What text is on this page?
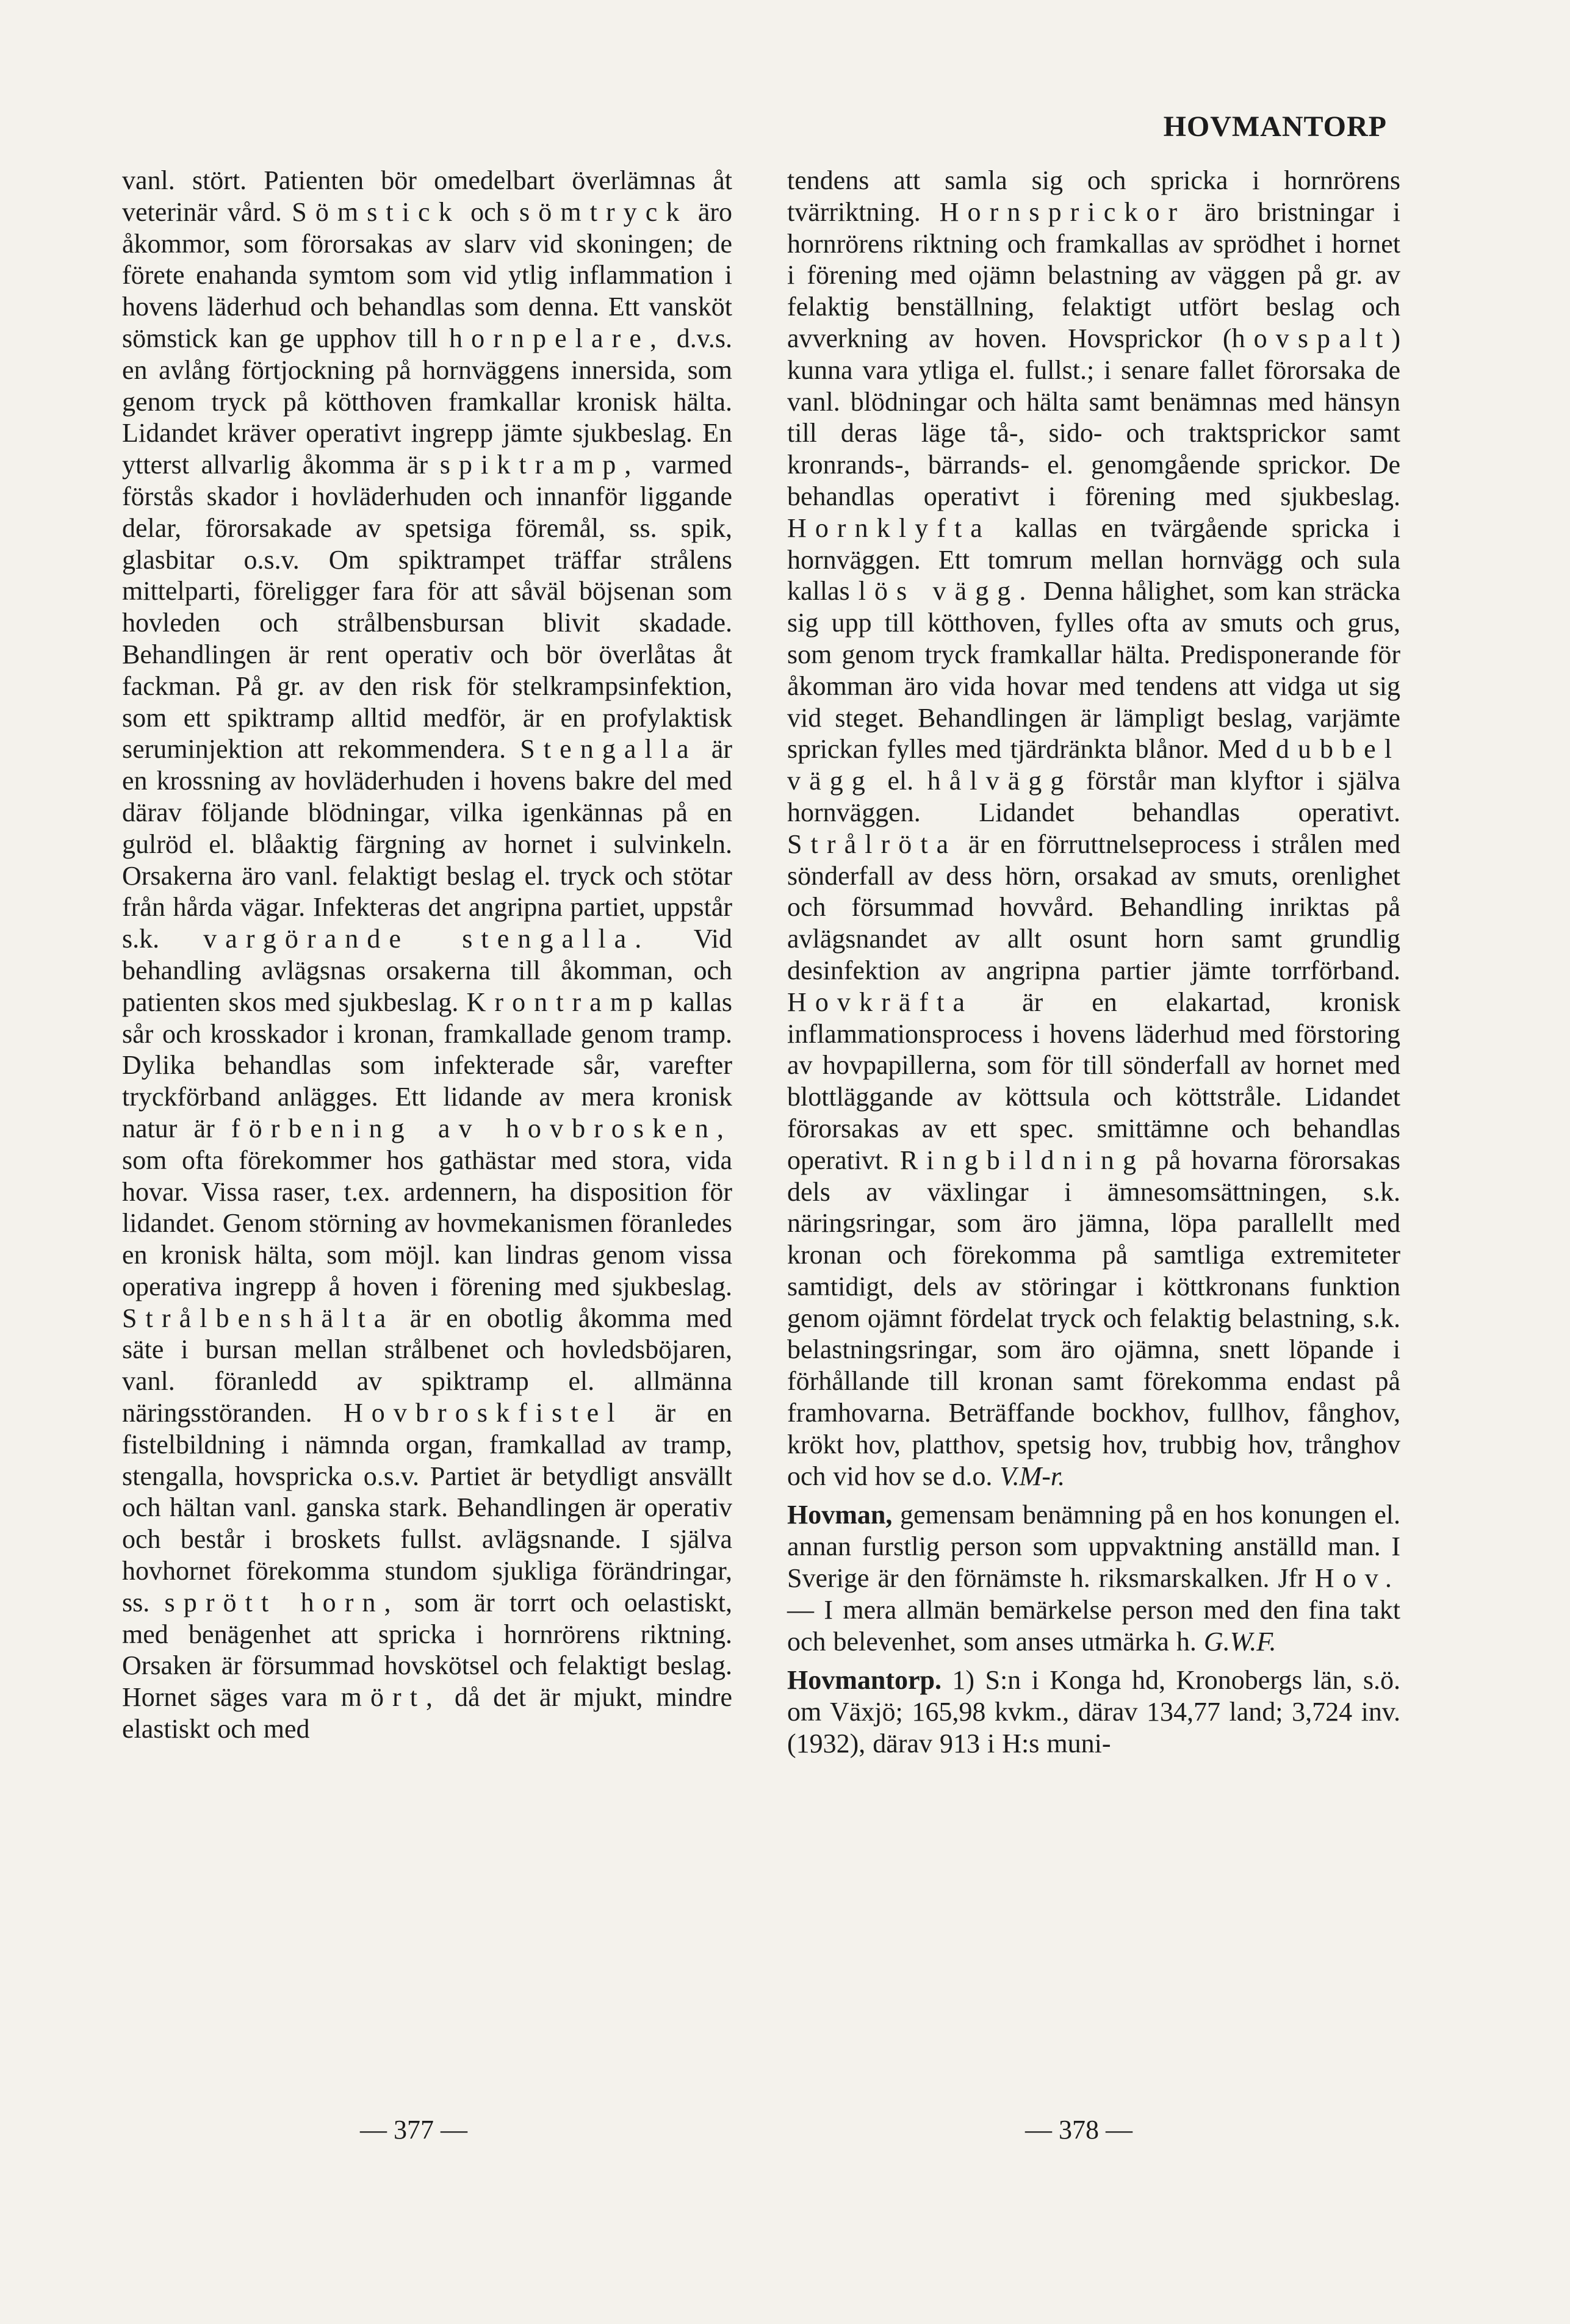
HOVMANTORP

vanl. stört. Patienten bör omedelbart överlämnas åt veterinär vård. Sömstick och sömtryck äro åkommor, som förorsakas av slarv vid skoningen; de förete enahanda symtom som vid ytlig inflammation i hovens läderhud och behandlas som denna. Ett vansköt sömstick kan ge upphov till hornpelare, d.v.s. en avlång förtjockning på hornväggens innersida, som genom tryck på kötthoven framkallar kronisk hälta. Lidandet kräver operativt ingrepp jämte sjukbeslag. En ytterst allvarlig åkomma är spiktramp, varmed förstås skador i hovläderhuden och innanför liggande delar, förorsakade av spetsiga föremål, ss. spik, glasbitar o.s.v. Om spiktrampet träffar strålens mittelparti, föreligger fara för att såväl böjsenan som hovleden och strålbensbursan blivit skadade. Behandlingen är rent operativ och bör överlåtas åt fackman. På gr. av den risk för stelkrampsinfektion, som ett spiktramp alltid medför, är en profylaktisk seruminjektion att rekommendera. Stengalla är en krossning av hovläderhuden i hovens bakre del med därav följande blödningar, vilka igenkännas på en gulröd el. blåaktig färgning av hornet i sulvinkeln. Orsakerna äro vanl. felaktigt beslag el. tryck och stötar från hårda vägar. Infekteras det angripna partiet, uppstår s.k. vargörande stengalla. Vid behandling avlägsnas orsakerna till åkomman, och patienten skos med sjukbeslag. Krontramp kallas sår och krosskador i kronan, framkallade genom tramp. Dylika behandlas som infekterade sår, varefter tryckförband anlägges. Ett lidande av mera kronisk natur är förbening av hovbrosken, som ofta förekommer hos gathästar med stora, vida hovar. Vissa raser, t.ex. ardennern, ha disposition för lidandet. Genom störning av hovmekanismen föranledes en kronisk hälta, som möjl. kan lindras genom vissa operativa ingrepp å hoven i förening med sjukbeslag. Strålbenshälta är en obotlig åkomma med säte i bursan mellan strålbenet och hovledsböjaren, vanl. föranledd av spiktramp el. allmänna näringsstöranden. Hovbroskfistel är en fistelbildning i nämnda organ, framkallad av tramp, stengalla, hovspricka o.s.v. Partiet är betydligt ansvällt och hältan vanl. ganska stark. Behandlingen är operativ och består i broskets fullst. avlägsnande. I själva hovhornet förekomma stundom sjukliga förändringar, ss. sprött horn, som är torrt och oelastiskt, med benägenhet att spricka i hornrörens riktning. Orsaken är försummad hovskötsel och felaktigt beslag. Hornet säges vara mört, då det är mjukt, mindre elastiskt och med

tendens att samla sig och spricka i hornrörens tvärriktning. Hornsprickor äro bristningar i hornrörens riktning och framkallas av sprödhet i hornet i förening med ojämn belastning av väggen på gr. av felaktig benställning, felaktigt utfört beslag och avverkning av hoven. Hovsprickor (hovspalt) kunna vara ytliga el. fullst.; i senare fallet förorsaka de vanl. blödningar och hälta samt benämnas med hänsyn till deras läge tå-, sido- och traktsprickor samt kronrands-, bärrands- el. genomgående sprickor. De behandlas operativt i förening med sjukbeslag. Hornklyfta kallas en tvärgående spricka i hornväggen. Ett tomrum mellan hornvägg och sula kallas lös vägg. Denna hålighet, som kan sträcka sig upp till kötthoven, fylles ofta av smuts och grus, som genom tryck framkallar hälta. Predisponerande för åkomman äro vida hovar med tendens att vidga ut sig vid steget. Behandlingen är lämpligt beslag, varjämte sprickan fylles med tjärdränkta blånor. Med dubbel vägg el. hålvägg förstår man klyftor i själva hornväggen. Lidandet behandlas operativt. Strålröta är en förruttnelseprocess i strålen med sönderfall av dess hörn, orsakad av smuts, orenlighet och försummad hovvård. Behandling inriktas på avlägsnandet av allt osunt horn samt grundlig desinfektion av angripna partier jämte torrförband. Hovkräfta är en elakartad, kronisk inflammationsprocess i hovens läderhud med förstoring av hovpapillerna, som för till sönderfall av hornet med blottläggande av köttsula och köttstråle. Lidandet förorsakas av ett spec. smittämne och behandlas operativt. Ringbildning på hovarna förorsakas dels av växlingar i ämnesomsättningen, s.k. näringsringar, som äro jämna, löpa parallellt med kronan och förekomma på samtliga extremiteter samtidigt, dels av störingar i köttkronans funktion genom ojämnt fördelat tryck och felaktig belastning, s.k. belastningsringar, som äro ojämna, snett löpande i förhållande till kronan samt förekomma endast på framhovarna. Beträffande bockhov, fullhov, fånghov, krökt hov, platthov, spetsig hov, trubbig hov, trånghov och vid hov se d.o. V.M-r.

Hovman, gemensam benämning på en hos konungen el. annan furstlig person som uppvaktning anställd man. I Sverige är den förnämste h. riksmarskalken. Jfr Hov. — I mera allmän bemärkelse person med den fina takt och belevenhet, som anses utmärka h. G.W.F.

Hovmantorp. 1) S:n i Konga hd, Kronobergs län, s.ö. om Växjö; 165,98 kvkm., därav 134,77 land; 3,724 inv. (1932), därav 913 i H:s muni-

— 377 —	— 378 —
